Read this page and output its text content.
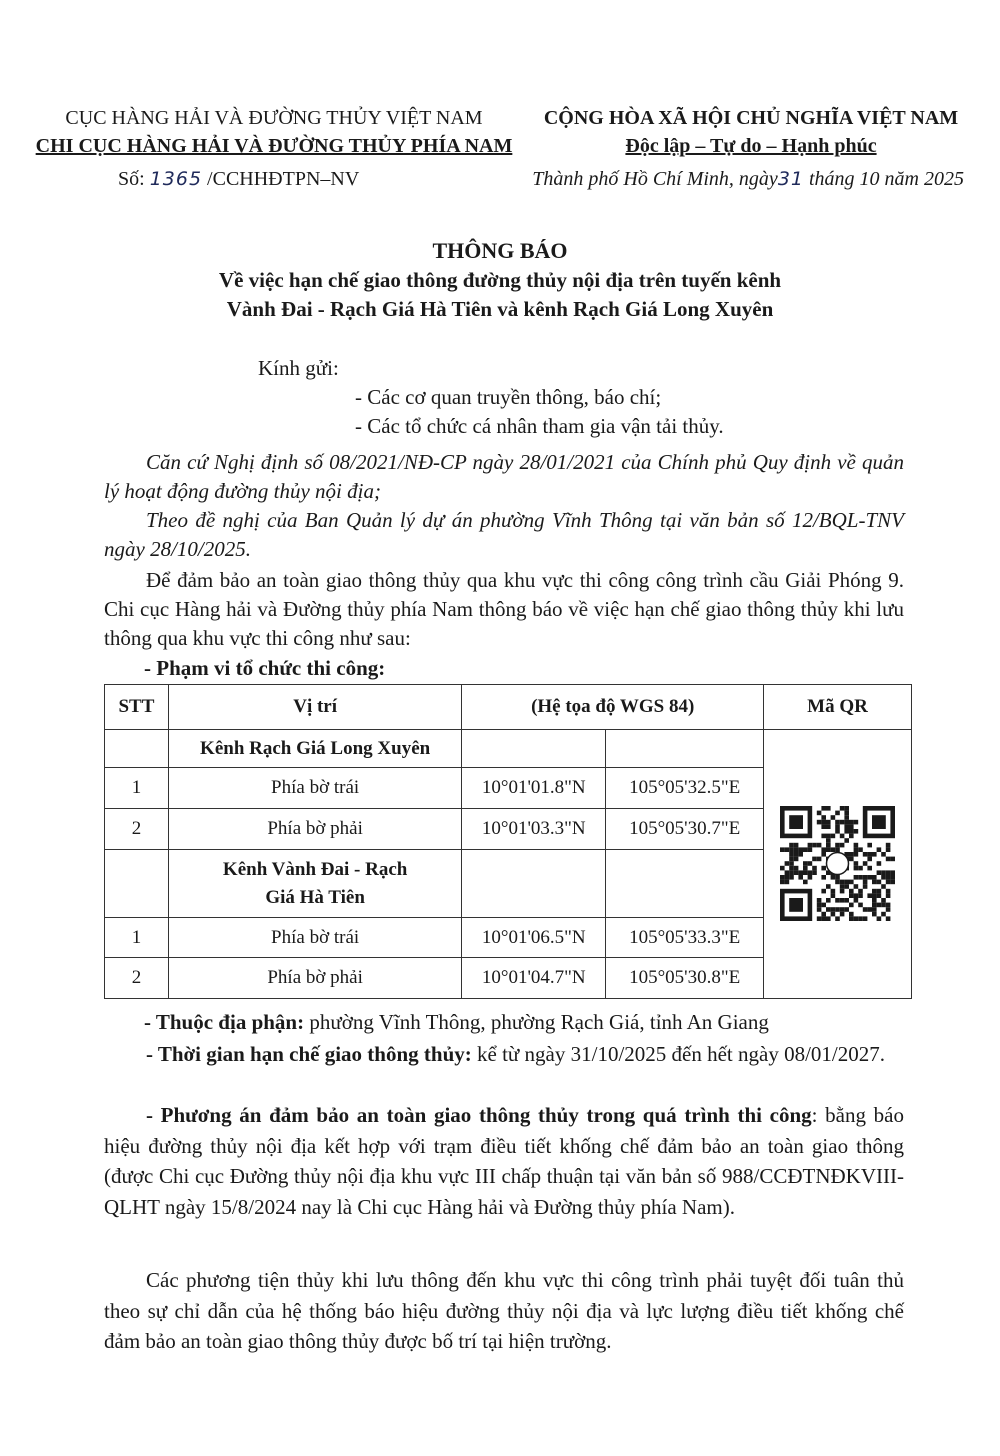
CỤC HÀNG HẢI VÀ ĐƯỜNG THỦY VIỆT NAM
CHI CỤC HÀNG HẢI VÀ ĐƯỜNG THỦY PHÍA NAM
CỘNG HÒA XÃ HỘI CHỦ NGHĨA VIỆT NAM
Độc lập – Tự do – Hạnh phúc
Số: 1365 /CCHHĐTPN–NV	Thành phố Hồ Chí Minh, ngày31 tháng 10 năm 2025
THÔNG BÁO
Về việc hạn chế giao thông đường thủy nội địa trên tuyến kênh
Vành Đai - Rạch Giá Hà Tiên và kênh Rạch Giá Long Xuyên
Kính gửi:
- Các cơ quan truyền thông, báo chí;
- Các tổ chức cá nhân tham gia vận tải thủy.
Căn cứ Nghị định số 08/2021/NĐ-CP ngày 28/01/2021 của Chính phủ Quy định về quản lý hoạt động đường thủy nội địa;
Theo đề nghị của Ban Quản lý dự án phường Vĩnh Thông tại văn bản số 12/BQL-TNV ngày 28/10/2025.
Để đảm bảo an toàn giao thông thủy qua khu vực thi công công trình cầu Giải Phóng 9. Chi cục Hàng hải và Đường thủy phía Nam thông báo về việc hạn chế giao thông thủy khi lưu thông qua khu vực thi công như sau:
- Phạm vi tổ chức thi công:
STT	Vị trí	(Hệ tọa độ WGS 84)		Mã QR
	Kênh Rạch Giá Long Xuyên			

1	Phía bờ trái	10°01'01.8"N	105°05'32.5"E	
2	Phía bờ phải	10°01'03.3"N	105°05'30.7"E	
	Kênh Vành Đai - Rạch Giá Hà Tiên			
1	Phía bờ trái	10°01'06.5"N	105°05'33.3"E	
2	Phía bờ phải	10°01'04.7"N	105°05'30.8"E	
- Thuộc địa phận: phường Vĩnh Thông, phường Rạch Giá, tỉnh An Giang
- Thời gian hạn chế giao thông thủy: kể từ ngày 31/10/2025 đến hết ngày 08/01/2027.
- Phương án đảm bảo an toàn giao thông thủy trong quá trình thi công: bằng báo hiệu đường thủy nội địa kết hợp với trạm điều tiết khống chế đảm bảo an toàn giao thông (được Chi cục Đường thủy nội địa khu vực III chấp thuận tại văn bản số 988/CCĐTNĐKVIII-QLHT ngày 15/8/2024 nay là Chi cục Hàng hải và Đường thủy phía Nam).
Các phương tiện thủy khi lưu thông đến khu vực thi công trình phải tuyệt đối tuân thủ theo sự chỉ dẫn của hệ thống báo hiệu đường thủy nội địa và lực lượng điều tiết khống chế đảm bảo an toàn giao thông thủy được bố trí tại hiện trường.
